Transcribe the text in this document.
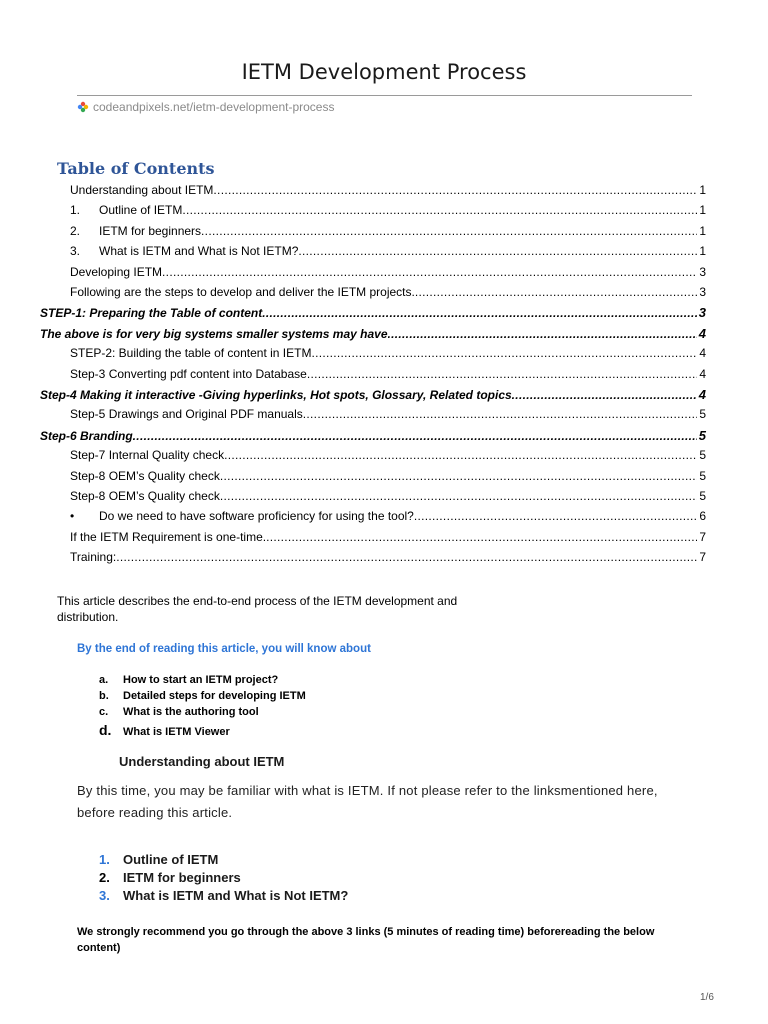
IETM Development Process
codeandpixels.net/ietm-development-process
Table of Contents
Understanding about IETM .....	1
1.	Outline of IETM .....	1
2.	IETM for beginners .....	1
3.	What is IETM and What is Not IETM? .....	1
Developing IETM .....	3
Following are the steps to develop and deliver the IETM projects. .....	3
STEP-1: Preparing the Table of content .....	3
The above is for very big systems smaller systems may have .....	4
STEP-2: Building the table of content in IETM .....	4
Step-3 Converting pdf content into Database .....	4
Step-4 Making it interactive -Giving hyperlinks, Hot spots, Glossary, Related topics .....	4
Step-5 Drawings and Original PDF manuals .....	5
Step-6 Branding .....	5
Step-7 Internal Quality check .....	5
Step-8 OEM’s Quality check .....	5
Step-8 OEM’s Quality check .....	5
•	Do we need to have software proficiency for using the tool? .....	6
If the IETM Requirement is one-time. .....	7
Training: .....	7
This article describes the end-to-end process of the IETM development and distribution.
By the end of reading this article, you will know about
a.	How to start an IETM project?
b.	Detailed steps for developing IETM
c.	What is the authoring tool
d.	What is IETM Viewer
Understanding about IETM
By this time, you may be familiar with what is IETM. If not please refer to the linksmentioned here, before reading this article.
1.	Outline of IETM
2.	IETM for beginners
3.	What is IETM and What is Not IETM?
We strongly recommend you go through the above 3 links (5 minutes of reading time) beforereading the below content)
1/6
